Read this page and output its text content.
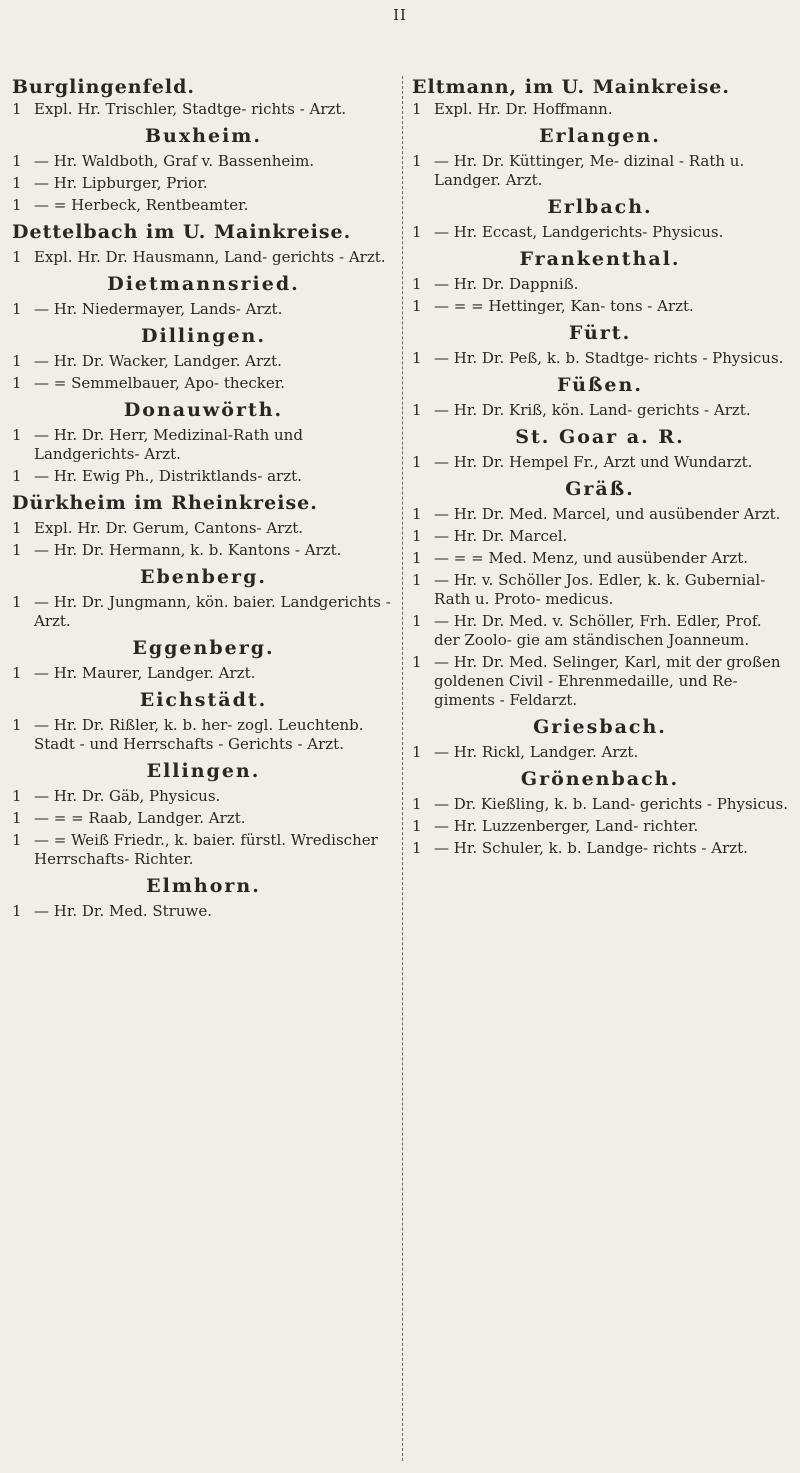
II
Burglingenfeld.
1 Expl. Hr. Trischler, Stadtge- richts - Arzt.
Buxheim.
1 — Hr. Waldboth, Graf v. Bassenheim.
1 — Hr. Lipburger, Prior.
1 — = Herbeck, Rentbeamter.
Dettelbach im U. Mainkreise.
1 Expl. Hr. Dr. Hausmann, Land- gerichts - Arzt.
Dietmannsried.
1 — Hr. Niedermayer, Lands- Arzt.
Dillingen.
1 — Hr. Dr. Wacker, Landger. Arzt.
1 — = Semmelbauer, Apo- thecker.
Donauwörth.
1 — Hr. Dr. Herr, Medizinal-Rath und Landgerichts- Arzt.
1 — Hr. Ewig Ph., Distriktlands- arzt.
Dürkheim im Rheinkreise.
1 Expl. Hr. Dr. Gerum, Cantons- Arzt.
1 — Hr. Dr. Hermann, k. b. Kantons - Arzt.
Ebenberg.
1 — Hr. Dr. Jungmann, kön. baier. Landgerichts - Arzt.
Eggenberg.
1 — Hr. Maurer, Landger. Arzt.
Eichstädt.
1 — Hr. Dr. Rißler, k. b. her- zogl. Leuchtenb. Stadt - und Herrschafts - Gerichts - Arzt.
Ellingen.
1 — Hr. Dr. Gäb, Physicus.
1 — = = Raab, Landger. Arzt.
1 — = Weiß Friedr., k. baier. fürstl. Wredischer Herrschafts- Richter.
Elmhorn.
1 — Hr. Dr. Med. Struwe.
Eltmann, im U. Mainkreise.
1 Expl. Hr. Dr. Hoffmann.
Erlangen.
1 — Hr. Dr. Küttinger, Me- dizinal - Rath u. Landger. Arzt.
Erlbach.
1 — Hr. Eccast, Landgerichts- Physicus.
Frankenthal.
1 — Hr. Dr. Dappniß.
1 — = = Hettinger, Kan- tons - Arzt.
Fürt.
1 — Hr. Dr. Peß, k. b. Stadtge- richts - Physicus.
Füßen.
1 — Hr. Dr. Kriß, kön. Land- gerichts - Arzt.
St. Goar a. R.
1 — Hr. Dr. Hempel Fr., Arzt und Wundarzt.
Gräß.
1 — Hr. Dr. Med. Marcel, und ausübender Arzt.
1 — Hr. Dr. Marcel.
1 — = = Med. Menz, und ausübender Arzt.
1 — Hr. v. Schöller Jos. Edler, k. k. Gubernial-Rath u. Proto- medicus.
1 — Hr. Dr. Med. v. Schöller, Frh. Edler, Prof. der Zoolo- gie am ständischen Joanneum.
1 — Hr. Dr. Med. Selinger, Karl, mit der großen goldenen Civil - Ehrenmedaille, und Re- giments - Feldarzt.
Griesbach.
1 — Hr. Rickl, Landger. Arzt.
Grönenbach.
1 — Dr. Kießling, k. b. Land- gerichts - Physicus.
1 — Hr. Luzzenberger, Land- richter.
1 — Hr. Schuler, k. b. Landge- richts - Arzt.
